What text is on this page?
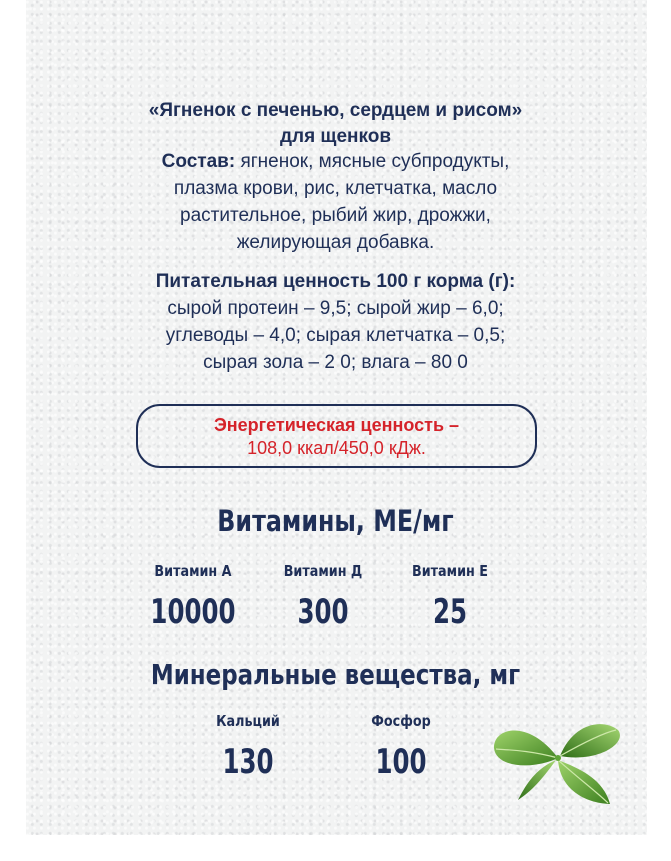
«Ягненок с печенью, сердцем и рисом»
для щенков
Состав: ягненок, мясные субпродукты,
плазма крови, рис, клетчатка, масло
растительное, рыбий жир, дрожжи,
желирующая добавка.
Питательная ценность 100 г корма (г):
сырой протеин – 9,5; сырой жир – 6,0;
углеводы – 4,0; сырая клетчатка – 0,5;
сырая зола – 2 0; влага – 80 0
Энергетическая ценность –
108,0 ккал/450,0 кДж.
Витамины, МЕ/мг
Витамин А
10000
Витамин Д
300
Витамин Е
25
Минеральные вещества, мг
Кальций
130
Фосфор
100
